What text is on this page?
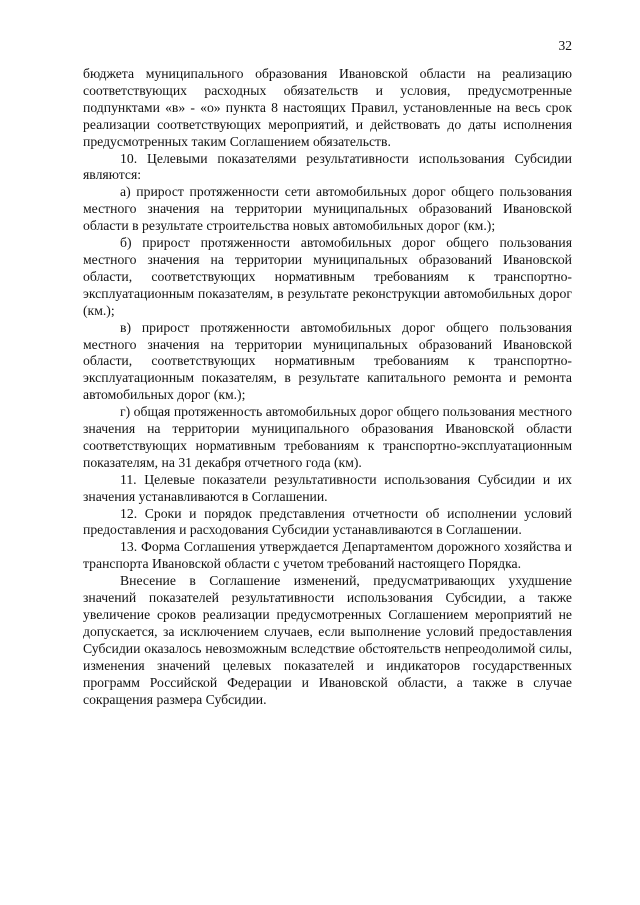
32

бюджета муниципального образования Ивановской области на реализацию соответствующих расходных обязательств и условия, предусмотренные подпунктами «в» - «о» пункта 8 настоящих Правил, установленные на весь срок реализации соответствующих мероприятий, и действовать до даты исполнения предусмотренных таким Соглашением обязательств.

10. Целевыми показателями результативности использования Субсидии являются:

а) прирост протяженности сети автомобильных дорог общего пользования местного значения на территории муниципальных образований Ивановской области в результате строительства новых автомобильных дорог (км.);

б) прирост протяженности автомобильных дорог общего пользования местного значения на территории муниципальных образований Ивановской области, соответствующих нормативным требованиям к транспортно-эксплуатационным показателям, в результате реконструкции автомобильных дорог (км.);

в) прирост протяженности автомобильных дорог общего пользования местного значения на территории муниципальных образований Ивановской области, соответствующих нормативным требованиям к транспортно-эксплуатационным показателям, в результате капитального ремонта и ремонта автомобильных дорог (км.);

г) общая протяженность автомобильных дорог общего пользования местного значения на территории муниципального образования Ивановской области соответствующих нормативным требованиям к транспортно-эксплуатационным показателям, на 31 декабря отчетного года (км).

11. Целевые показатели результативности использования Субсидии и их значения устанавливаются в Соглашении.

12. Сроки и порядок представления отчетности об исполнении условий предоставления и расходования Субсидии устанавливаются в Соглашении.

13. Форма Соглашения утверждается Департаментом дорожного хозяйства и транспорта Ивановской области с учетом требований настоящего Порядка.

Внесение в Соглашение изменений, предусматривающих ухудшение значений показателей результативности использования Субсидии, а также увеличение сроков реализации предусмотренных Соглашением мероприятий не допускается, за исключением случаев, если выполнение условий предоставления Субсидии оказалось невозможным вследствие обстоятельств непреодолимой силы, изменения значений целевых показателей и индикаторов государственных программ Российской Федерации и Ивановской области, а также в случае сокращения размера Субсидии.
